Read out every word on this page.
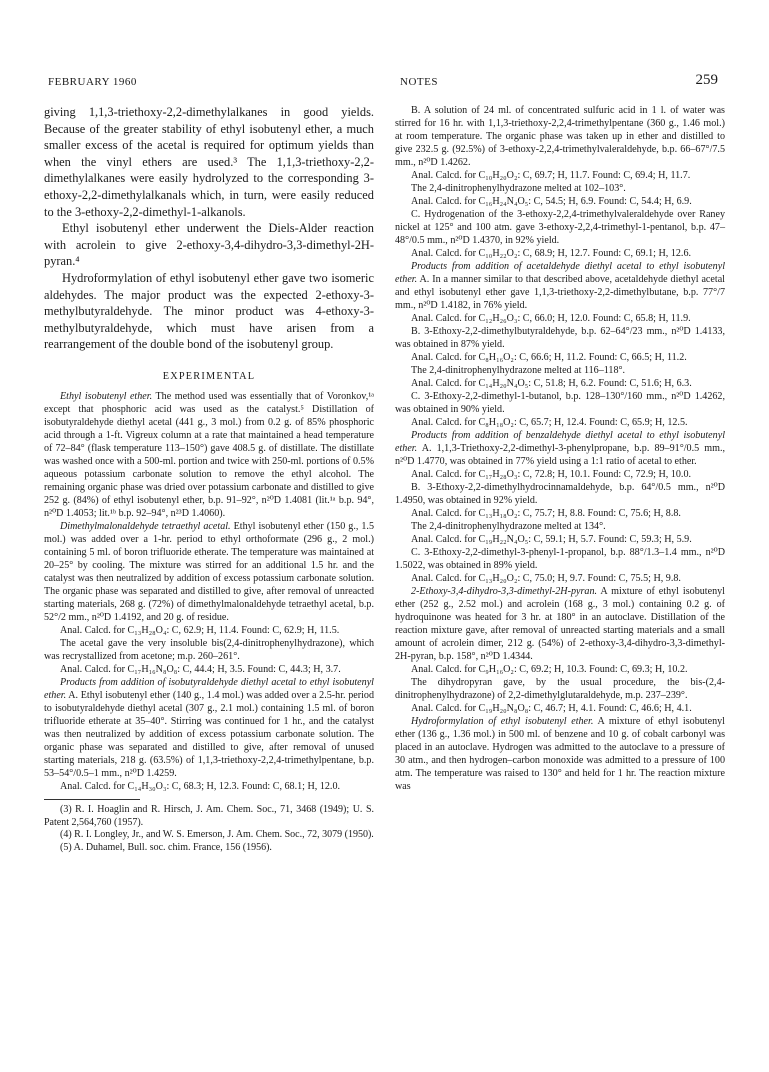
FEBRUARY 1960	NOTES	259

giving 1,1,3-triethoxy-2,2-dimethylalkanes in good yields. Because of the greater stability of ethyl isobutenyl ether, a much smaller excess of the acetal is required for optimum yields than when the vinyl ethers are used.³ The 1,1,3-triethoxy-2,2-dimethylalkanes were easily hydrolyzed to the corresponding 3-ethoxy-2,2-dimethylalkanals which, in turn, were easily reduced to the 3-ethoxy-2,2-dimethyl-1-alkanols.

Ethyl isobutenyl ether underwent the Diels-Alder reaction with acrolein to give 2-ethoxy-3,4-dihydro-3,3-dimethyl-2H-pyran.⁴

Hydroformylation of ethyl isobutenyl ether gave two isomeric aldehydes. The major product was the expected 2-ethoxy-3-methylbutyraldehyde. The minor product was 4-ethoxy-3-methylbutyraldehyde, which must have arisen from a rearrangement of the double bond of the isobutenyl group.

EXPERIMENTAL

Ethyl isobutenyl ether. The method used was essentially that of Voronkov,¹ᵃ except that phosphoric acid was used as the catalyst.⁵ Distillation of isobutyraldehyde diethyl acetal (441 g., 3 mol.) from 0.2 g. of 85% phosphoric acid through a 1-ft. Vigreux column at a rate that maintained a head temperature of 72–84° (flask temperature 113–150°) gave 408.5 g. of distillate. The distillate was washed once with a 500-ml. portion and twice with 250-ml. portions of 0.5% aqueous potassium carbonate solution to remove the ethyl alcohol. The remaining organic phase was dried over potassium carbonate and distilled to give 252 g. (84%) of ethyl isobutenyl ether, b.p. 91–92°, n²⁰D 1.4081 (lit.¹ᵃ b.p. 94°, n²⁰D 1.4053; lit.¹ᵇ b.p. 92–94°, n²³D 1.4060).

Dimethylmalonaldehyde tetraethyl acetal. Ethyl isobutenyl ether (150 g., 1.5 mol.) was added over a 1-hr. period to ethyl orthoformate (296 g., 2 mol.) containing 5 ml. of boron trifluoride etherate. The temperature was maintained at 20–25° by cooling. The mixture was stirred for an additional 1.5 hr. and the catalyst was then neutralized by addition of excess potassium carbonate solution. The organic phase was separated and distilled to give, after removal of unreacted starting materials, 268 g. (72%) of dimethylmalonaldehyde tetraethyl acetal, b.p. 52°/2 mm., n²⁰D 1.4192, and 20 g. of residue.

Anal. Calcd. for C₁₃H₂₈O₄: C, 62.9; H, 11.4. Found: C, 62.9; H, 11.5.

The acetal gave the very insoluble bis(2,4-dinitrophenylhydrazone), which was recrystallized from acetone; m.p. 260–261°.

Anal. Calcd. for C₁₇H₁₆N₈O₈: C, 44.4; H, 3.5. Found: C, 44.3; H, 3.7.

Products from addition of isobutyraldehyde diethyl acetal to ethyl isobutenyl ether. A. Ethyl isobutenyl ether (140 g., 1.4 mol.) was added over a 2.5-hr. period to isobutyraldehyde diethyl acetal (307 g., 2.1 mol.) containing 1.5 ml. of boron trifluoride etherate at 35–40°. Stirring was continued for 1 hr., and the catalyst was then neutralized by addition of excess potassium carbonate solution. The organic phase was separated and distilled to give, after removal of unused starting materials, 218 g. (63.5%) of 1,1,3-triethoxy-2,2,4-trimethylpentane, b.p. 53–54°/0.5–1 mm., n²⁰D 1.4259.

Anal. Calcd. for C₁₄H₃₀O₃: C, 68.3; H, 12.3. Found: C, 68.1; H, 12.0.

(3) R. I. Hoaglin and R. Hirsch, J. Am. Chem. Soc., 71, 3468 (1949); U. S. Patent 2,564,760 (1957).

(4) R. I. Longley, Jr., and W. S. Emerson, J. Am. Chem. Soc., 72, 3079 (1950).

(5) A. Duhamel, Bull. soc. chim. France, 156 (1956).

B. A solution of 24 ml. of concentrated sulfuric acid in 1 l. of water was stirred for 16 hr. with 1,1,3-triethoxy-2,2,4-trimethylpentane (360 g., 1.46 mol.) at room temperature. The organic phase was taken up in ether and distilled to give 232.5 g. (92.5%) of 3-ethoxy-2,2,4-trimethylvaleraldehyde, b.p. 66–67°/7.5 mm., n²⁰D 1.4262.

Anal. Calcd. for C₁₀H₂₀O₂: C, 69.7; H, 11.7. Found: C, 69.4; H, 11.7.

The 2,4-dinitrophenylhydrazone melted at 102–103°.

Anal. Calcd. for C₁₆H₂₄N₄O₅: C, 54.5; H, 6.9. Found: C, 54.4; H, 6.9.

C. Hydrogenation of the 3-ethoxy-2,2,4-trimethylvaleraldehyde over Raney nickel at 125° and 100 atm. gave 3-ethoxy-2,2,4-trimethyl-1-pentanol, b.p. 47–48°/0.5 mm., n²⁰D 1.4370, in 92% yield.

Anal. Calcd. for C₁₀H₂₂O₂: C, 68.9; H, 12.7. Found: C, 69.1; H, 12.6.

Products from addition of acetaldehyde diethyl acetal to ethyl isobutenyl ether. A. In a manner similar to that described above, acetaldehyde diethyl acetal and ethyl isobutenyl ether gave 1,1,3-triethoxy-2,2-dimethylbutane, b.p. 77°/7 mm., n²⁰D 1.4182, in 76% yield.

Anal. Calcd. for C₁₂H₂₆O₃: C, 66.0; H, 12.0. Found: C, 65.8; H, 11.9.

B. 3-Ethoxy-2,2-dimethylbutyraldehyde, b.p. 62–64°/23 mm., n²⁰D 1.4133, was obtained in 87% yield.

Anal. Calcd. for C₈H₁₆O₂: C, 66.6; H, 11.2. Found: C, 66.5; H, 11.2.

The 2,4-dinitrophenylhydrazone melted at 116–118°.

Anal. Calcd. for C₁₄H₂₀N₄O₅: C, 51.8; H, 6.2. Found: C, 51.6; H, 6.3.

C. 3-Ethoxy-2,2-dimethyl-1-butanol, b.p. 128–130°/160 mm., n²⁰D 1.4262, was obtained in 90% yield.

Anal. Calcd. for C₈H₁₈O₂: C, 65.7; H, 12.4. Found: C, 65.9; H, 12.5.

Products from addition of benzaldehyde diethyl acetal to ethyl isobutenyl ether. A. 1,1,3-Triethoxy-2,2-dimethyl-3-phenylpropane, b.p. 89–91°/0.5 mm., n²⁰D 1.4770, was obtained in 77% yield using a 1:1 ratio of acetal to ether.

Anal. Calcd. for C₁₇H₂₈O₃: C, 72.8; H, 10.1. Found: C, 72.9; H, 10.0.

B. 3-Ethoxy-2,2-dimethylhydrocinnamaldehyde, b.p. 64°/0.5 mm., n²⁰D 1.4950, was obtained in 92% yield.

Anal. Calcd. for C₁₃H₁₈O₂: C, 75.7; H, 8.8. Found: C, 75.6; H, 8.8.

The 2,4-dinitrophenylhydrazone melted at 134°.

Anal. Calcd. for C₁₉H₂₂N₄O₅: C, 59.1; H, 5.7. Found: C, 59.3; H, 5.9.

C. 3-Ethoxy-2,2-dimethyl-3-phenyl-1-propanol, b.p. 88°/1.3–1.4 mm., n²⁰D 1.5022, was obtained in 89% yield.

Anal. Calcd. for C₁₃H₂₀O₂: C, 75.0; H, 9.7. Found: C, 75.5; H, 9.8.

2-Ethoxy-3,4-dihydro-3,3-dimethyl-2H-pyran. A mixture of ethyl isobutenyl ether (252 g., 2.52 mol.) and acrolein (168 g., 3 mol.) containing 0.2 g. of hydroquinone was heated for 3 hr. at 180° in an autoclave. Distillation of the reaction mixture gave, after removal of unreacted starting materials and a small amount of acrolein dimer, 212 g. (54%) of 2-ethoxy-3,4-dihydro-3,3-dimethyl-2H-pyran, b.p. 158°, n²⁰D 1.4344.

Anal. Calcd. for C₉H₁₆O₂: C, 69.2; H, 10.3. Found: C, 69.3; H, 10.2.

The dihydropyran gave, by the usual procedure, the bis-(2,4-dinitrophenylhydrazone) of 2,2-dimethylglutaraldehyde, m.p. 237–239°.

Anal. Calcd. for C₁₉H₂₀N₈O₈: C, 46.7; H, 4.1. Found: C, 46.6; H, 4.1.

Hydroformylation of ethyl isobutenyl ether. A mixture of ethyl isobutenyl ether (136 g., 1.36 mol.) in 500 ml. of benzene and 10 g. of cobalt carbonyl was placed in an autoclave. Hydrogen was admitted to the autoclave to a pressure of 30 atm., and then hydrogen–carbon monoxide was admitted to a pressure of 100 atm. The temperature was raised to 130° and held for 1 hr. The reaction mixture was
